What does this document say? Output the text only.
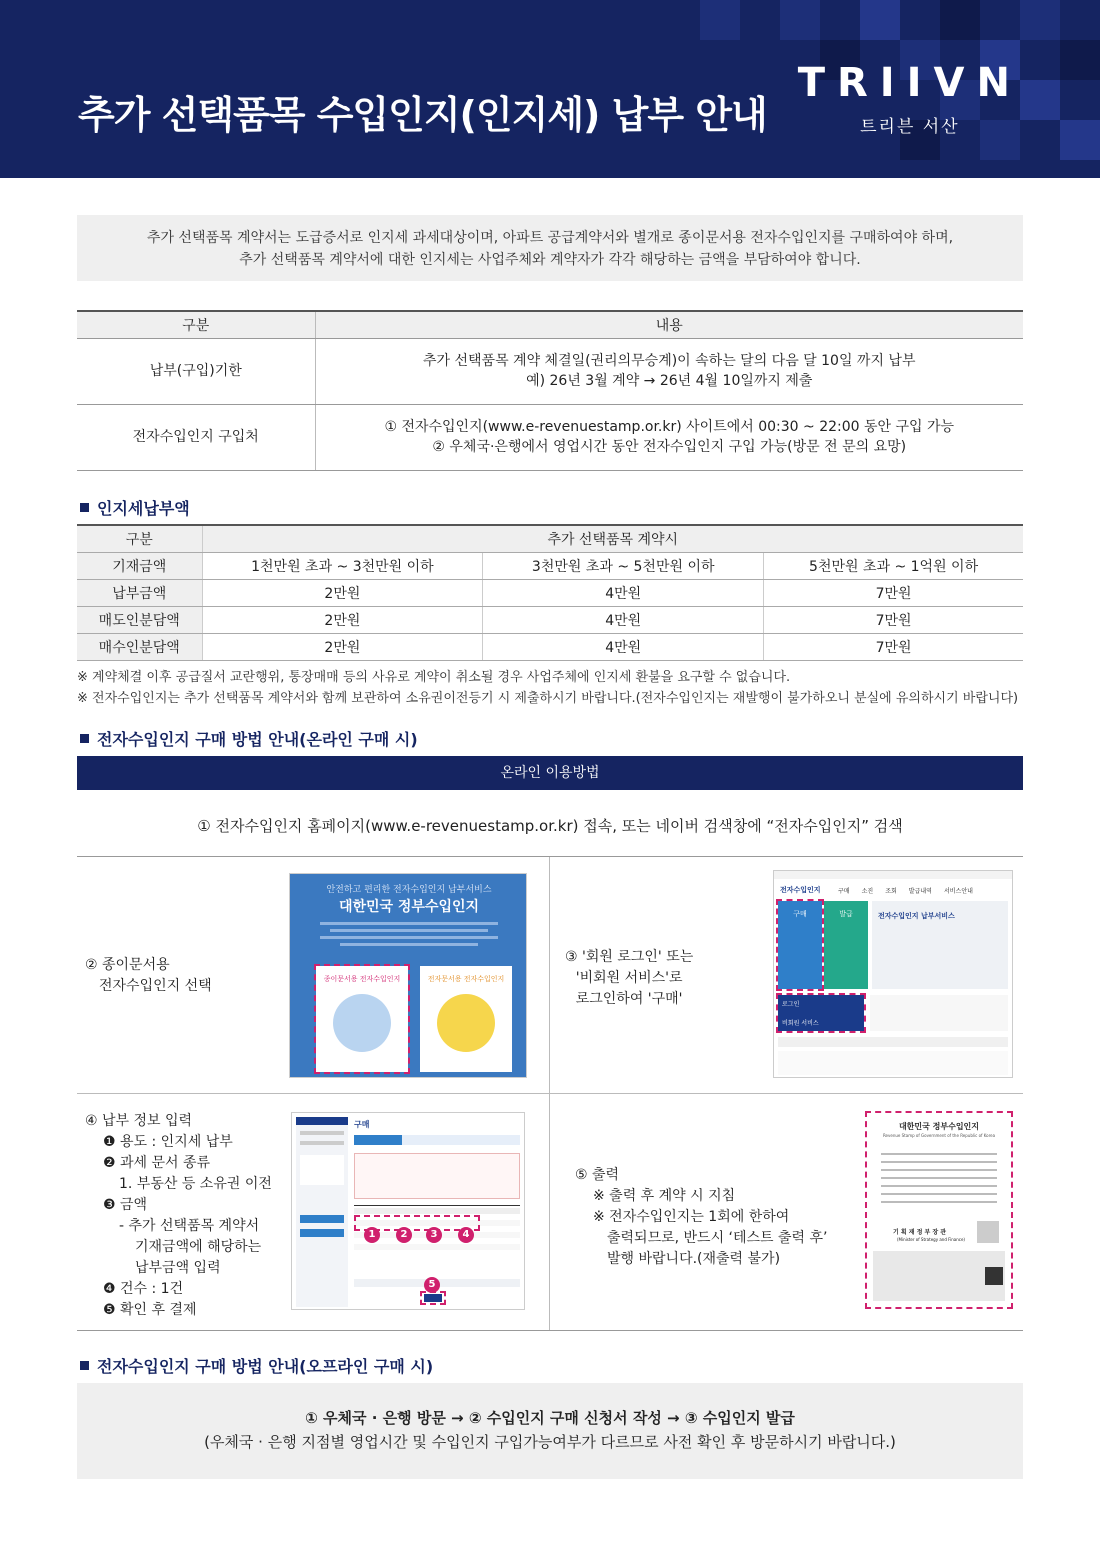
추가 선택품목 수입인지(인지세) 납부 안내
TRIIVN
트리븐 서산
추가 선택품목 계약서는 도급증서로 인지세 과세대상이며, 아파트 공급계약서와 별개로 종이문서용 전자수입인지를 구매하여야 하며,
추가 선택품목 계약서에 대한 인지세는 사업주체와 계약자가 각각 해당하는 금액을 부담하여야 합니다.
구분	내용
납부(구입)기한	추가 선택품목 계약 체결일(권리의무승계)이 속하는 달의 다음 달 10일 까지 납부
예) 26년 3월 계약 → 26년 4월 10일까지 제출

전자수입인지 구입처	① 전자수입인지(www.e-revenuestamp.or.kr) 사이트에서 00:30 ~ 22:00 동안 구입 가능
② 우체국·은행에서 영업시간 동안 전자수입인지 구입 가능(방문 전 문의 요망)
인지세납부액
구분	추가 선택품목 계약시		
기재금액	1천만원 초과 ~ 3천만원 이하	3천만원 초과 ~ 5천만원 이하	5천만원 초과 ~ 1억원 이하
납부금액	2만원	4만원	7만원
매도인분담액	2만원	4만원	7만원
매수인분담액	2만원	4만원	7만원
※ 계약체결 이후 공급질서 교란행위, 통장매매 등의 사유로 계약이 취소될 경우 사업주체에 인지세 환불을 요구할 수 없습니다.
※ 전자수입인지는 추가 선택품목 계약서와 함께 보관하여 소유권이전등기 시 제출하시기 바랍니다.(전자수입인지는 재발행이 불가하오니 분실에 유의하시기 바랍니다)
전자수입인지 구매 방법 안내(온라인 구매 시)
온라인 이용방법
① 전자수입인지 홈페이지(www.e-revenuestamp.or.kr) 접속, 또는 네이버 검색창에 “전자수입인지” 검색
② 종이문서용
전자수입인지 선택
안전하고 편리한 전자수입인지 납부서비스
대한민국 정부수입인지
종이문서용 전자수입인지	전자문서용 전자수입인지
③ '회원 로그인' 또는
'비회원 서비스'로
로그인하여 '구매'
전자수입인지	구매 소진 조회 발급내역 서비스안내
구매	발급	전자수입인지 납부서비스
로그인
비회원 서비스
④ 납부 정보 입력
❶ 용도 : 인지세 납부
❷ 과세 문서 종류
1. 부동산 등 소유권 이전
❸ 금액
- 추가 선택품목 계약서
기재금액에 해당하는
납부금액 입력
❹ 건수 : 1건
❺ 확인 후 결제
구매
1	2	3	4
5
⑤ 출력
※ 출력 후 계약 시 지침
※ 전자수입인지는 1회에 한하여
출력되므로, 반드시 ‘테스트 출력 후’
발행 바랍니다.(재출력 불가)
대한민국 정부수입인지
Revenue Stamp of Government of the Republic of Korea
기 획 재 정 부 장 관
(Minister of Strategy and Finance)
전자수입인지 구매 방법 안내(오프라인 구매 시)
① 우체국 · 은행 방문 → ② 수입인지 구매 신청서 작성 → ③ 수입인지 발급
(우체국 · 은행 지점별 영업시간 및 수입인지 구입가능여부가 다르므로 사전 확인 후 방문하시기 바랍니다.)
